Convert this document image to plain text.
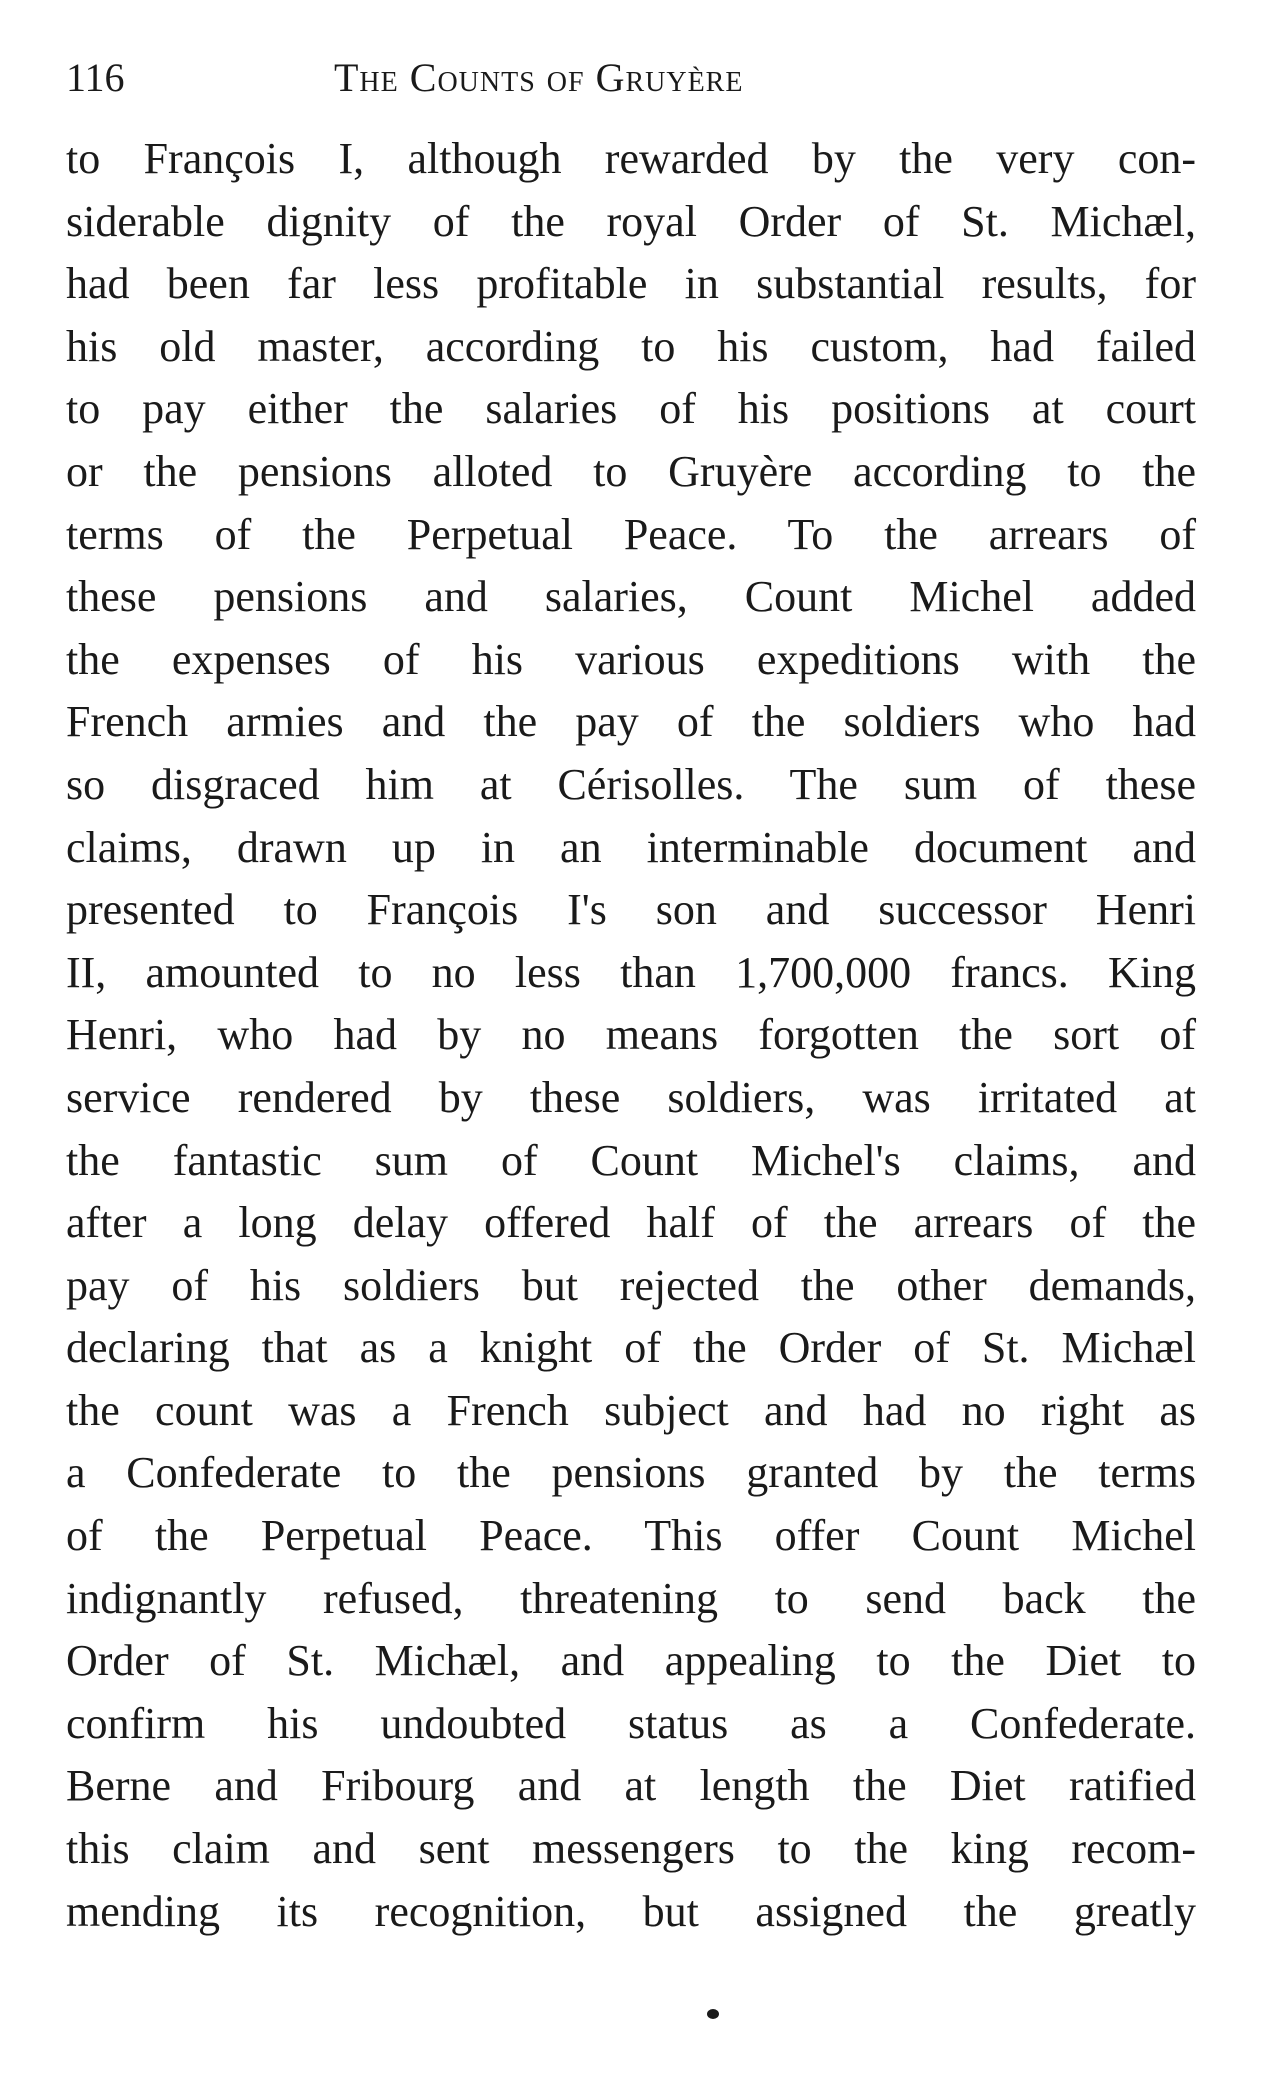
116	The Counts of Gruyère
to François I, although rewarded by the very con-
siderable dignity of the royal Order of St. Michæl,
had been far less profitable in substantial results, for
his old master, according to his custom, had failed
to pay either the salaries of his positions at court
or the pensions alloted to Gruyère according to the
terms of the Perpetual Peace. To the arrears of
these pensions and salaries, Count Michel added
the expenses of his various expeditions with the
French armies and the pay of the soldiers who had
so disgraced him at Cérisolles. The sum of these
claims, drawn up in an interminable document and
presented to François I's son and successor Henri
II, amounted to no less than 1,700,000 francs. King
Henri, who had by no means forgotten the sort of
service rendered by these soldiers, was irritated at
the fantastic sum of Count Michel's claims, and
after a long delay offered half of the arrears of the
pay of his soldiers but rejected the other demands,
declaring that as a knight of the Order of St. Michæl
the count was a French subject and had no right as
a Confederate to the pensions granted by the terms
of the Perpetual Peace. This offer Count Michel
indignantly refused, threatening to send back the
Order of St. Michæl, and appealing to the Diet to
confirm his undoubted status as a Confederate.
Berne and Fribourg and at length the Diet ratified
this claim and sent messengers to the king recom-
mending its recognition, but assigned the greatly
